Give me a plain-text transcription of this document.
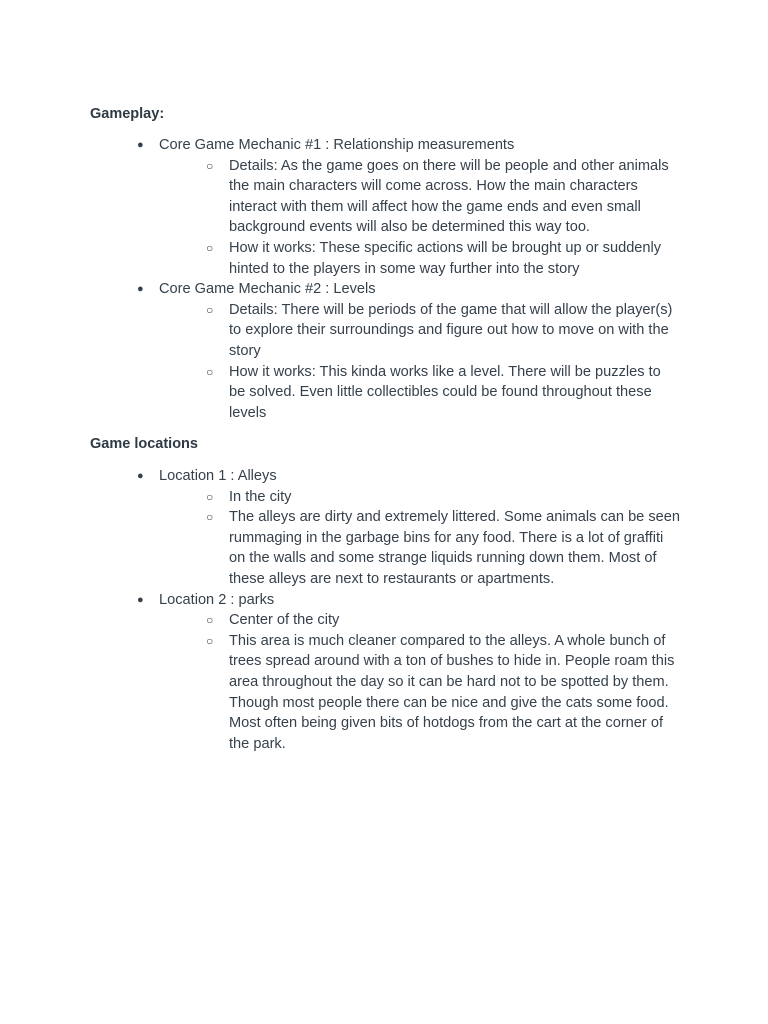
Gameplay:
● Core Game Mechanic #1 : Relationship measurements
○ Details: As the game goes on there will be people and other animals the main characters will come across. How the main characters interact with them will affect how the game ends and even small background events will also be determined this way too.
○ How it works: These specific actions will be brought up or suddenly hinted to the players in some way further into the story
● Core Game Mechanic #2 : Levels
○ Details: There will be periods of the game that will allow the player(s) to explore their surroundings and figure out how to move on with the story
○ How it works: This kinda works like a level. There will be puzzles to be solved. Even little collectibles could be found throughout these levels
Game locations
● Location 1 : Alleys
○ In the city
○ The alleys are dirty and extremely littered. Some animals can be seen rummaging in the garbage bins for any food. There is a lot of graffiti on the walls and some strange liquids running down them. Most of these alleys are next to restaurants or apartments.
● Location 2 : parks
○ Center of the city
○ This area is much cleaner compared to the alleys. A whole bunch of trees spread around with a ton of bushes to hide in. People roam this area throughout the day so it can be hard not to be spotted by them. Though most people there can be nice and give the cats some food. Most often being given bits of hotdogs from the cart at the corner of the park.
